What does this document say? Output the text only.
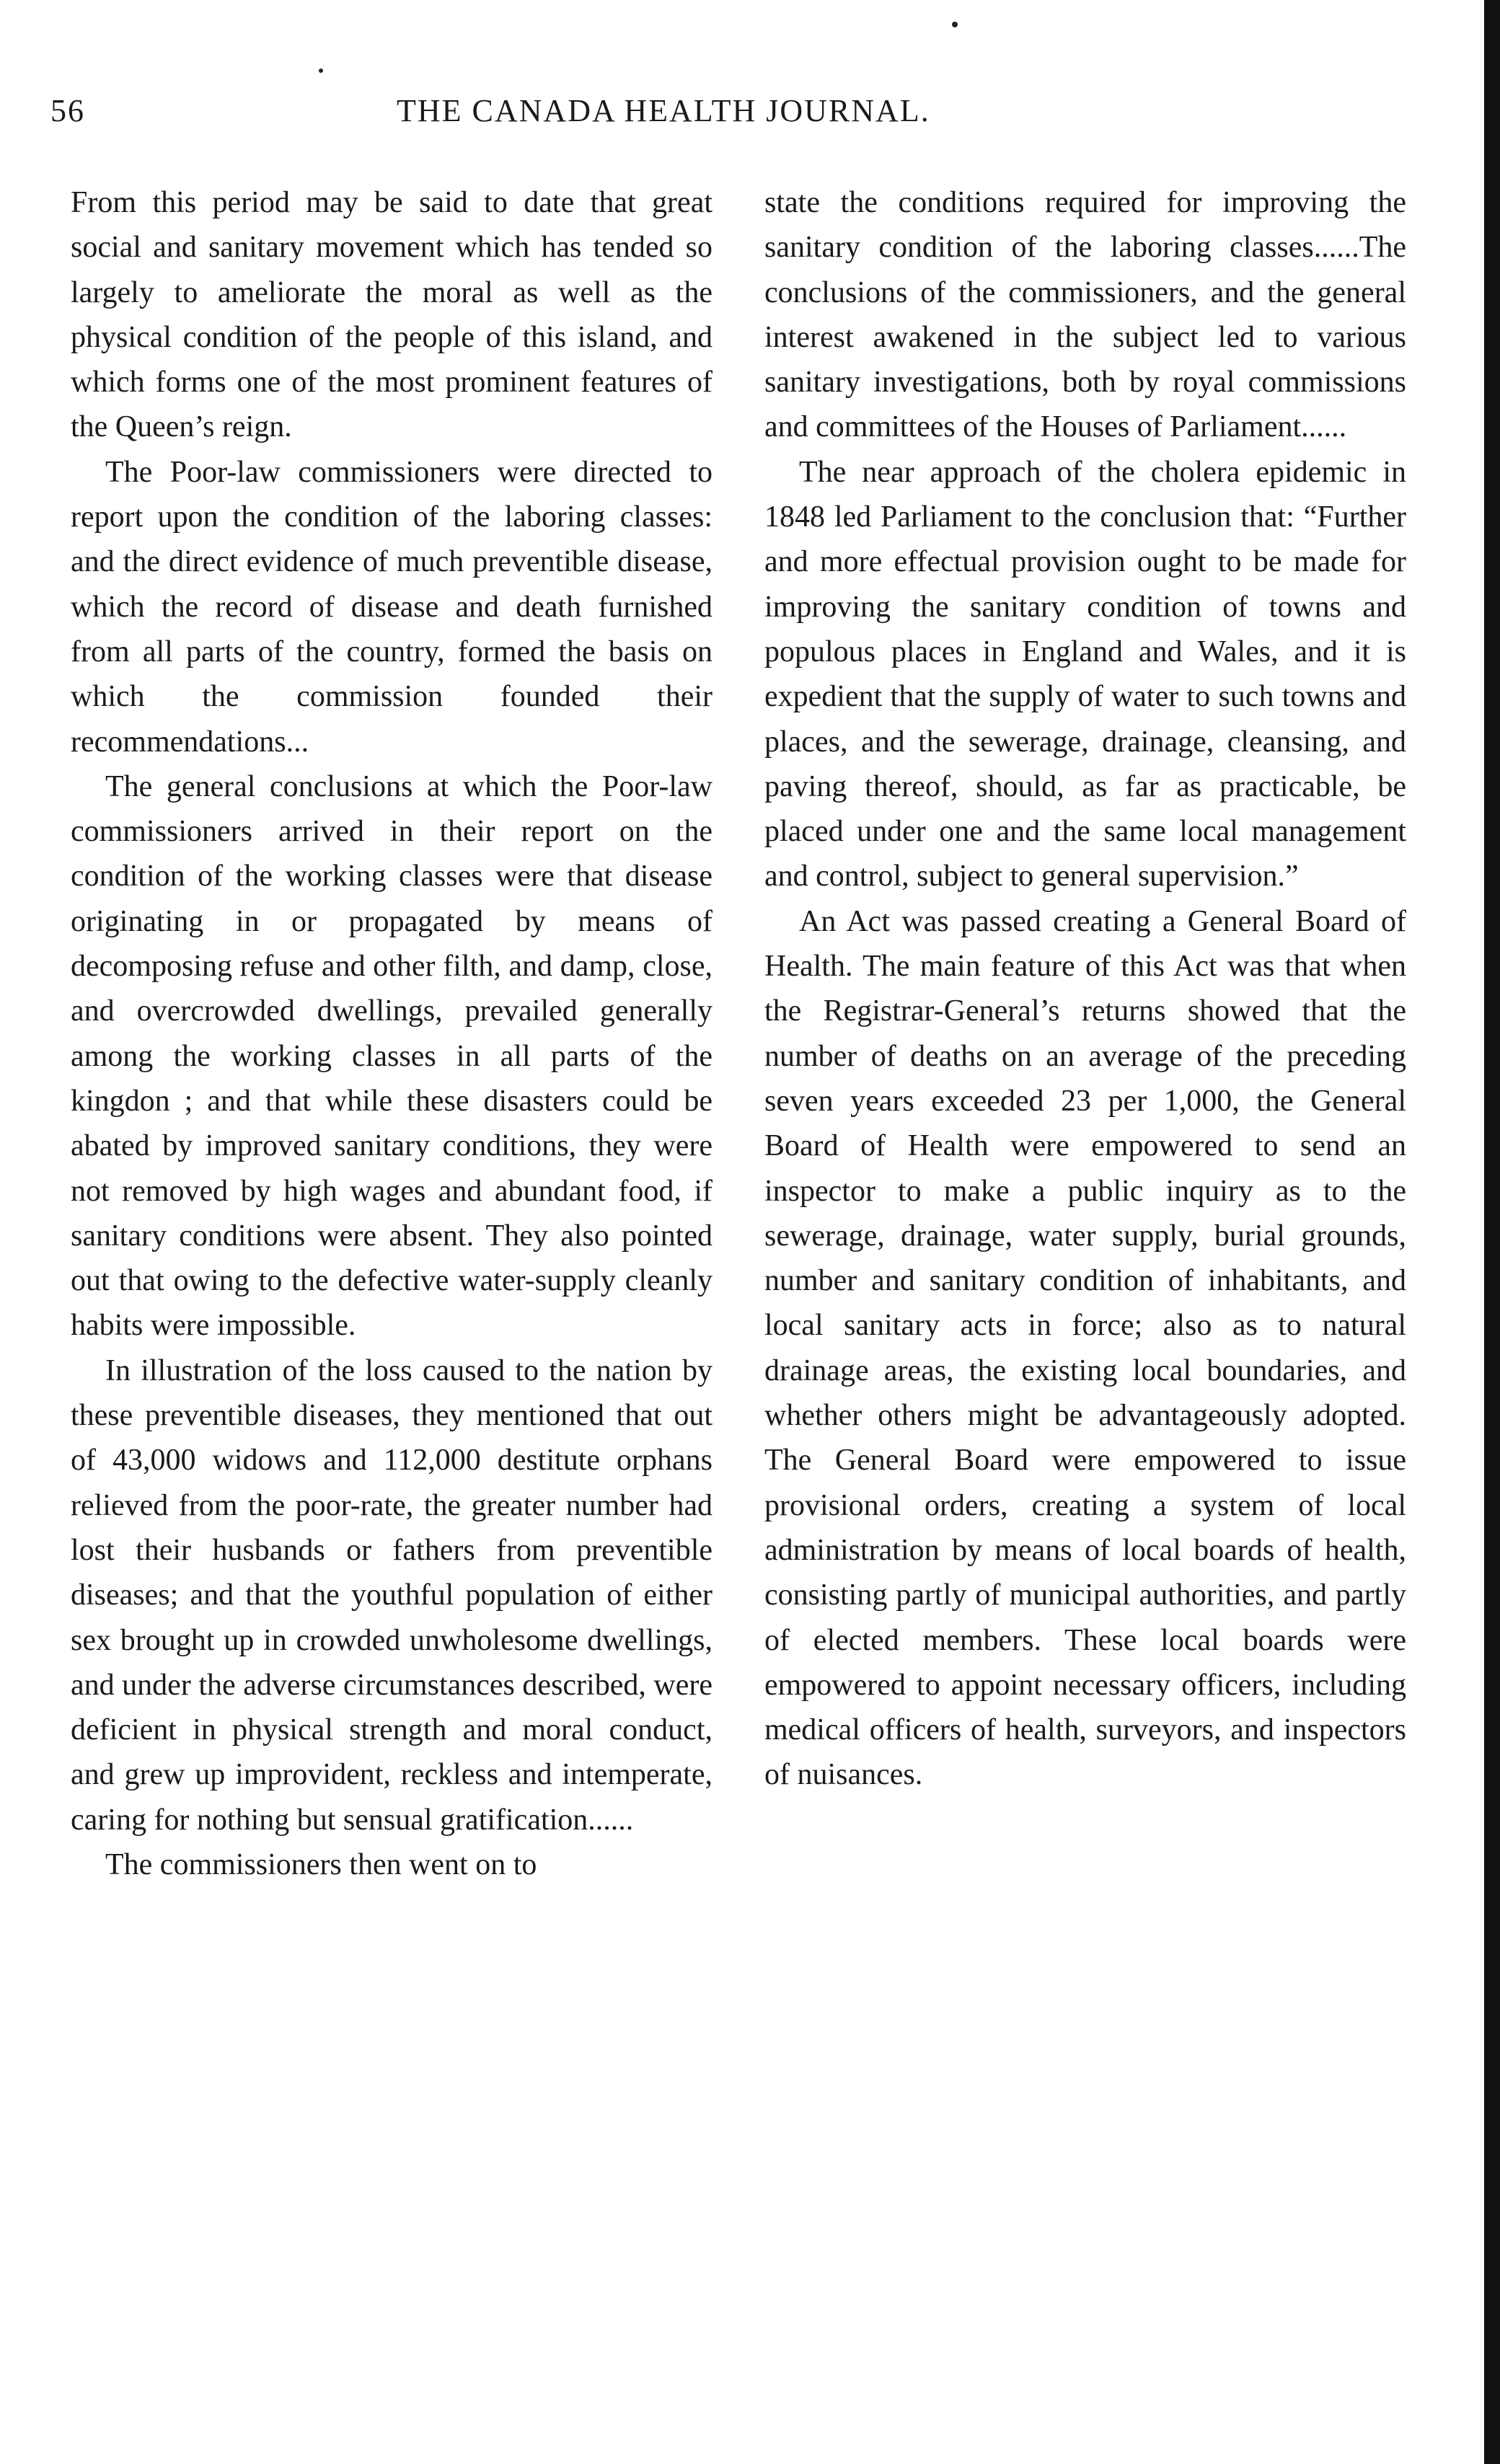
56	THE CANADA HEALTH JOURNAL.

From this period may be said to date that great social and sanitary movement which has tended so largely to ameliorate the moral as well as the physical condition of the people of this island, and which forms one of the most prominent features of the Queen’s reign.

The Poor-law commissioners were directed to report upon the condition of the laboring classes: and the direct evidence of much preventible disease, which the record of disease and death furnished from all parts of the country, formed the basis on which the commission founded their recommendations...

The general conclusions at which the Poor-law commissioners arrived in their report on the condition of the working classes were that disease originating in or propagated by means of decomposing refuse and other filth, and damp, close, and overcrowded dwellings, prevailed generally among the working classes in all parts of the kingdon ; and that while these disasters could be abated by improved sanitary conditions, they were not removed by high wages and abundant food, if sanitary conditions were absent. They also pointed out that owing to the defective water-supply cleanly habits were impossible.

In illustration of the loss caused to the nation by these preventible diseases, they mentioned that out of 43,000 widows and 112,000 destitute orphans relieved from the poor-rate, the greater number had lost their husbands or fathers from preventible diseases; and that the youthful population of either sex brought up in crowded unwholesome dwellings, and under the adverse circumstances described, were deficient in physical strength and moral conduct, and grew up improvident, reckless and intemperate, caring for nothing but sensual gratification......

The commissioners then went on to

state the conditions required for improving the sanitary condition of the laboring classes......The conclusions of the commissioners, and the general interest awakened in the subject led to various sanitary investigations, both by royal commissions and committees of the Houses of Parliament......

The near approach of the cholera epidemic in 1848 led Parliament to the conclusion that: “Further and more effectual provision ought to be made for improving the sanitary condition of towns and populous places in England and Wales, and it is expedient that the supply of water to such towns and places, and the sewerage, drainage, cleansing, and paving thereof, should, as far as practicable, be placed under one and the same local management and control, subject to general supervision.”

An Act was passed creating a General Board of Health. The main feature of this Act was that when the Registrar-General’s returns showed that the number of deaths on an average of the preceding seven years exceeded 23 per 1,000, the General Board of Health were empowered to send an inspector to make a public inquiry as to the sewerage, drainage, water supply, burial grounds, number and sanitary condition of inhabitants, and local sanitary acts in force; also as to natural drainage areas, the existing local boundaries, and whether others might be advantageously adopted. The General Board were empowered to issue provisional orders, creating a system of local administration by means of local boards of health, consisting partly of municipal authorities, and partly of elected members. These local boards were empowered to appoint necessary officers, including medical officers of health, surveyors, and inspectors of nuisances.
